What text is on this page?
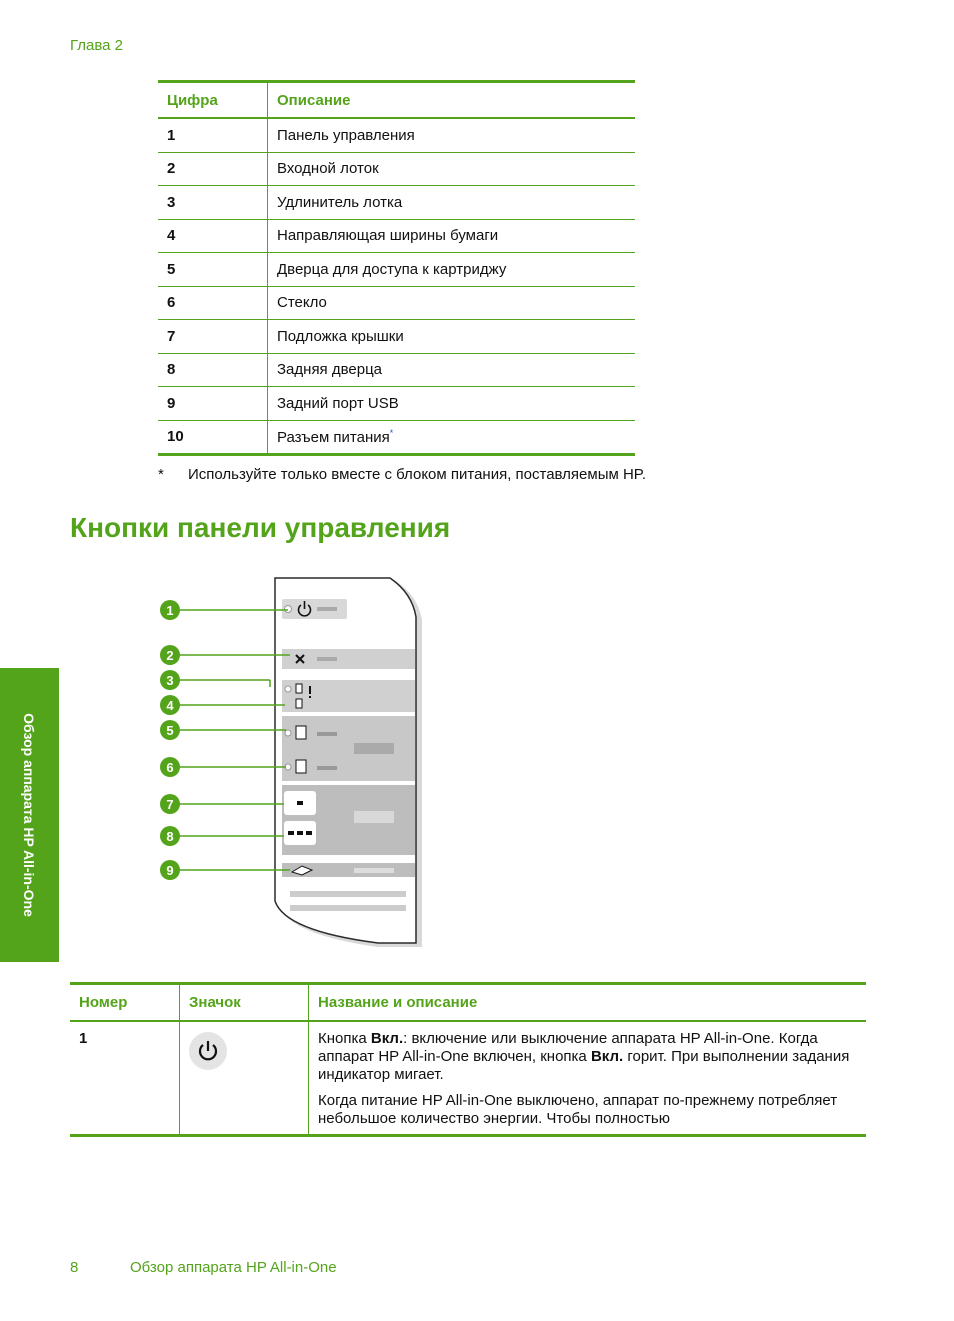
Глава 2
Цифра	Описание
1	Панель управления
2	Входной лоток
3	Удлинитель лотка
4	Направляющая ширины бумаги
5	Дверца для доступа к картриджу
6	Стекло
7	Подложка крышки
8	Задняя дверца
9	Задний порт USB
10	Разъем питания*
* Используйте только вместе с блоком питания, поставляемым HP.
Кнопки панели управления
Обзор аппарата HP All-in-One
1
2
3
4
5
6
7
8
9
Номер	Значок	Название и описание
1		Кнопка Вкл.: включение или выключение аппарата HP All-in-One. Когда аппарат HP All-in-One включен, кнопка Вкл. горит. При выполнении задания индикатор мигает.

Когда питание HP All-in-One выключено, аппарат по-прежнему потребляет небольшое количество энергии. Чтобы полностью

8	Обзор аппарата HP All-in-One
